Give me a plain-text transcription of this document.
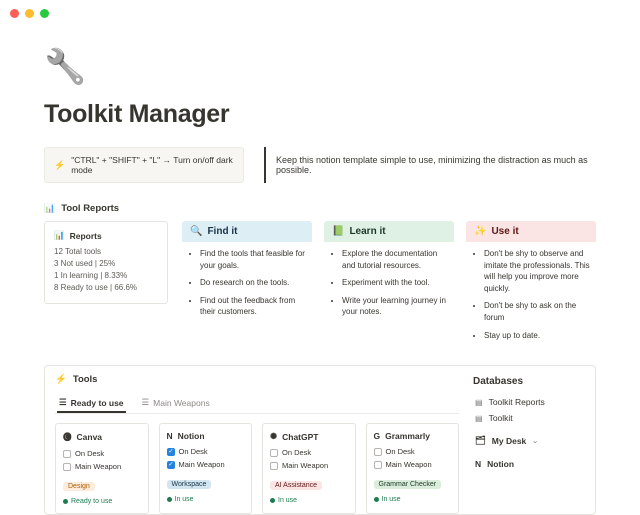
🔧
Toolkit Manager
⚡ "CTRL" + "SHIFT" + "L" → Turn on/off dark mode
Keep this notion template simple to use, minimizing the distraction as much as possible.
📊 Tool Reports
📊 Reports
12 Total tools
3 Not used | 25%
1 In learning | 8.33%
8 Ready to use | 66.6%
🔍 Find it
• Find the tools that feasible for your goals.
• Do research on the tools.
• Find out the feedback from their customers.
📗 Learn it
• Explore the documentation and tutorial resources.
• Experiment with the tool.
• Write your learning journey in your notes.
✨ Use it
• Don't be shy to observe and imitate the professionals. This will help you improve more quickly.
• Don't be shy to ask on the forum
• Stay up to date.
⚡ Tools
☰ Ready to use ☰ Main Weapons
🅒 Canva
On Desk
Main Weapon
Design
Ready to use
N Notion
✓
On Desk
✓
Main Weapon
Workspace
In use
✺ ChatGPT
On Desk
Main Weapon
AI Assistance
In use
G Grammarly
On Desk
Main Weapon
Grammar Checker
In use
Databases
▤ Toolkit Reports
▤ Toolkit
🗂 My Desk ⌄
N Notion
